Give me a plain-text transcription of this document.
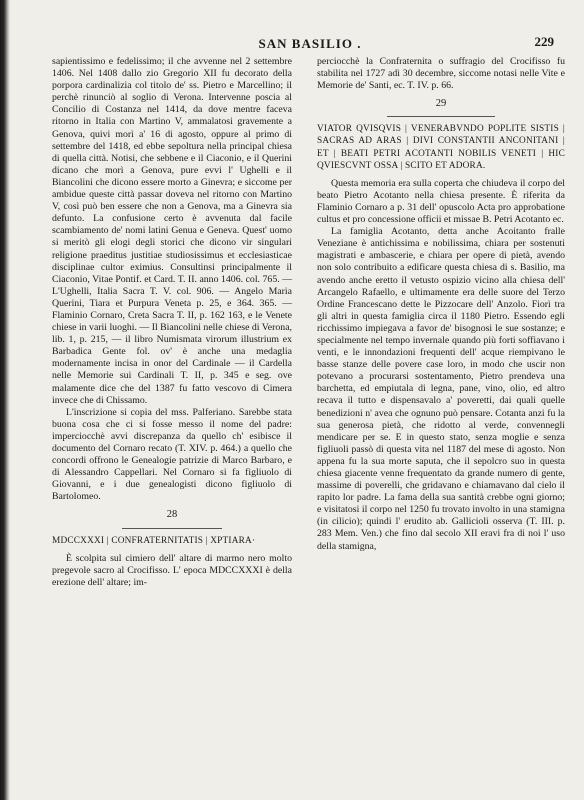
SAN BASILIO .	229

sapientissimo e fedelissimo; il che avvenne nel 2 settembre 1406. Nel 1408 dallo zio Gregorio XII fu decorato della porpora cardinalizia col titolo de' ss. Pietro e Marcellino; il perchè rinunciò al soglio di Verona. Intervenne poscia al Concilio di Costanza nel 1414, da dove mentre faceva ritorno in Italia con Martino V, ammalatosi gravemente a Genova, quivi morì a' 16 di agosto, oppure al primo di settembre del 1418, ed ebbe sepoltura nella principal chiesa di quella città. Notisi, che sebbene e il Ciaconio, e il Querini dicano che morì a Genova, pure evvi l' Ughelli e il Biancolini che dicono essere morto a Ginevra; e siccome per ambidue queste città passar doveva nel ritorno con Martino V, così può ben essere che non a Genova, ma a Ginevra sia defunto. La confusione certo è avvenuta dal facile scambiamento de' nomi latini Genua e Geneva. Quest' uomo si meritò gli elogi degli storici che dicono vir singulari religione praeditus justitiae studiosissimus et ecclesiasticae disciplinae cultor eximius. Consultinsi principalmente il Ciaconio, Vitae Pontif. et Card. T. II. anno 1406. col. 765. — L'Ughelli, Italia Sacra T. V. col. 906. — Angelo Maria Querini, Tiara et Purpura Veneta p. 25, e 364. 365. — Flaminio Cornaro, Creta Sacra T. II, p. 162 163, e le Venete chiese in varii luoghi. — Il Biancolini nelle chiese di Verona, lib. 1, p. 215, — il libro Numismata virorum illustrium ex Barbadica Gente fol. ov' è anche una medaglia modernamente incisa in onor del Cardinale — il Cardella nelle Memorie sui Cardinali T. II, p. 345 e seg. ove malamente dice che del 1387 fu fatto vescovo di Cimera invece che di Chissamo.

L'inscrizione si copia del mss. Palferiano. Sarebbe stata buona cosa che ci si fosse messo il nome del padre: imperciocchè avvi discrepanza da quello ch' esibisce il documento del Cornaro recato (T. XIV. p. 464.) a quello che concordi offrono le Genealogie patrizie di Marco Barbaro, e di Alessandro Cappellari. Nel Cornaro si fa figliuolo di Giovanni, e i due genealogisti dicono figliuolo di Bartolomeo.

28

MDCCXXXI | CONFRATERNITATIS | XPTIARA·

È scolpita sul cimiero dell' altare di marmo nero molto pregevole sacro al Crocifisso. L' epoca MDCCXXXI è della erezione dell' altare; im-

perciocchè la Confraternita o suffragio del Crocifisso fu stabilita nel 1727 adì 30 decembre, siccome notasi nelle Vite e Memorie de' Santi, ec. T. IV. p. 66.

29

VIATOR QVISQVIS | VENERABVNDO POPLITE SISTIS | SACRAS AD ARAS | DIVI CONSTANTII ANCONITANI | ET | BEATI PETRI ACOTANTI NOBILIS VENETI | HIC QVIESCVNT OSSA | SCITO ET ADORA.

Questa memoria era sulla coperta che chiudeva il corpo del beato Pietro Acotanto nella chiesa presente. È riferita da Flaminio Cornaro a p. 31 dell' opuscolo Acta pro approbatione cultus et pro concessione officii et missae B. Petri Acotanto ec.

La famiglia Acotanto, detta anche Acoitanto fralle Veneziane è antichissima e nobilissima, chiara per sostenuti magistrati e ambascerie, e chiara per opere di pietà, avendo non solo contribuito a edificare questa chiesa di s. Basilio, ma avendo anche eretto il vetusto ospizio vicino alla chiesa dell' Arcangelo Rafaello, e ultimamente era delle suore del Terzo Ordine Francescano dette le Pizzocare dell' Anzolo. Fiorì tra gli altri in questa famiglia circa il 1180 Pietro. Essendo egli ricchissimo impiegava a favor de' bisognosi le sue sostanze; e specialmente nel tempo invernale quando più forti soffiavano i venti, e le innondazioni frequenti dell' acque riempivano le basse stanze delle povere case loro, in modo che uscir non potevano a procurarsi sostentamento, Pietro prendeva una barchetta, ed empiutala di legna, pane, vino, olio, ed altro recava il tutto e dispensavalo a' poveretti, dai quali quelle benedizioni n' avea che ognuno può pensare. Cotanta anzi fu la sua generosa pietà, che ridotto al verde, convennegli mendicare per se. E in questo stato, senza moglie e senza figliuoli passò di questa vita nel 1187 del mese di agosto. Non appena fu la sua morte saputa, che il sepolcro suo in questa chiesa giacente venne frequentato da grande numero di gente, massime di poverelli, che gridavano e chiamavano dal cielo il rapito lor padre. La fama della sua santità crebbe ogni giorno; e visitatosi il corpo nel 1250 fu trovato involto in una stamigna (in cilicio); quindi l' erudito ab. Gallicioli osserva (T. III. p. 283 Mem. Ven.) che fino dal secolo XII eravi fra di noi l' uso della stamigna,
